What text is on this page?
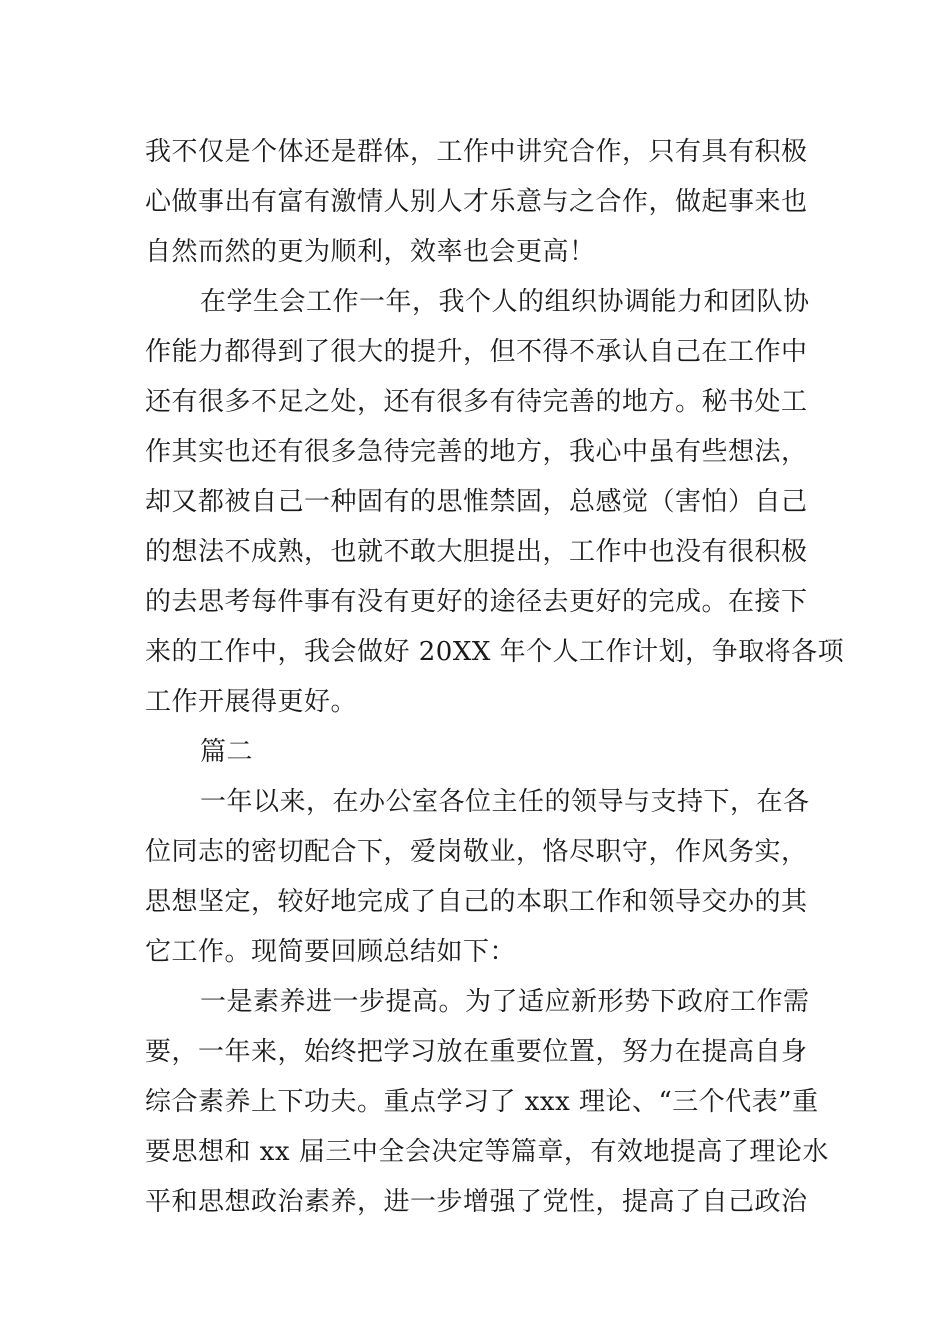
我不仅是个体还是群体，工作中讲究合作，只有具有积极
心做事出有富有激情人别人才乐意与之合作，做起事来也
自然而然的更为顺利，效率也会更高！
在学生会工作一年，我个人的组织协调能力和团队协
作能力都得到了很大的提升，但不得不承认自己在工作中
还有很多不足之处，还有很多有待完善的地方。秘书处工
作其实也还有很多急待完善的地方，我心中虽有些想法，
却又都被自己一种固有的思惟禁固，总感觉（害怕）自己
的想法不成熟，也就不敢大胆提出，工作中也没有很积极
的去思考每件事有没有更好的途径去更好的完成。在接下
来的工作中，我会做好 20XX 年个人工作计划，争取将各项
工作开展得更好。
篇二
一年以来，在办公室各位主任的领导与支持下，在各
位同志的密切配合下，爱岗敬业，恪尽职守，作风务实，
思想坚定，较好地完成了自己的本职工作和领导交办的其
它工作。现简要回顾总结如下：
一是素养进一步提高。为了适应新形势下政府工作需
要，一年来，始终把学习放在重要位置，努力在提高自身
综合素养上下功夫。重点学习了 xxx 理论、“三个代表”重
要思想和 xx 届三中全会决定等篇章，有效地提高了理论水
平和思想政治素养，进一步增强了党性，提高了自己政治
